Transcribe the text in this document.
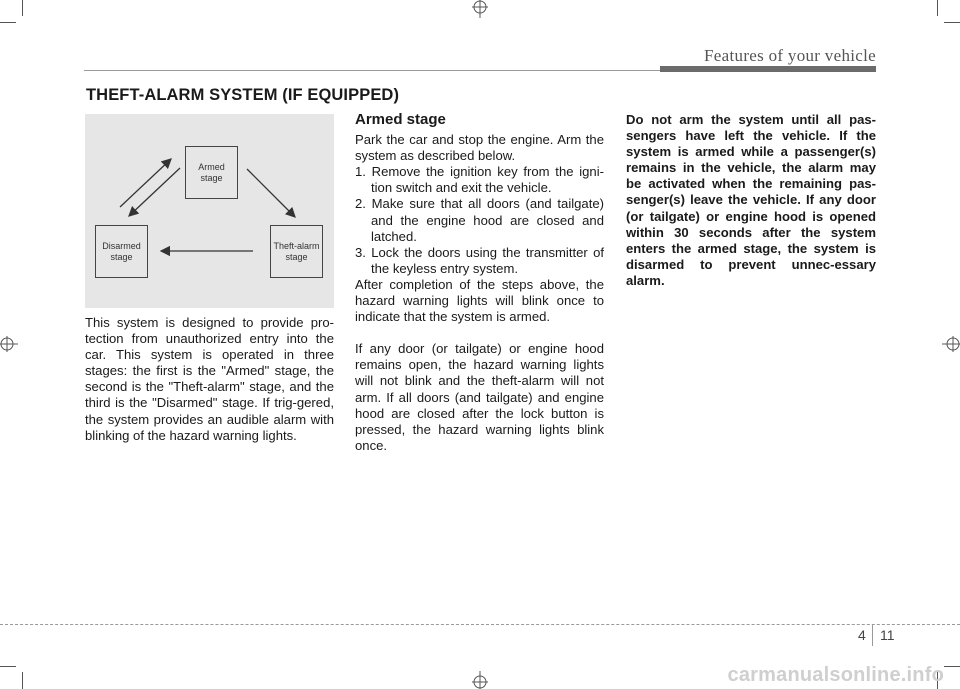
Features of your vehicle
THEFT-ALARM SYSTEM (IF EQUIPPED)
Armed
stage
Theft-alarm
stage
Disarmed
stage

This system is designed to provide pro-tection from unauthorized entry into the car. This system is operated in three stages: the first is the "Armed" stage, the second is the "Theft-alarm" stage, and the third is the "Disarmed" stage. If trig-gered, the system provides an audible alarm with blinking of the hazard warning lights.

Armed stage

Park the car and stop the engine. Arm the system as described below.

1. Remove the ignition key from the igni-tion switch and exit the vehicle.
2. Make sure that all doors (and tailgate) and the engine hood are closed and latched.
3. Lock the doors using the transmitter of the keyless entry system.

After completion of the steps above, the hazard warning lights will blink once to indicate that the system is armed.

If any door (or tailgate) or engine hood remains open, the hazard warning lights will not blink and the theft-alarm will not arm. If all doors (and tailgate) and engine hood are closed after the lock button is pressed, the hazard warning lights blink once.

Do not arm the system until all pas-sengers have left the vehicle. If the system is armed while a passenger(s) remains in the vehicle, the alarm may be activated when the remaining pas-senger(s) leave the vehicle. If any door (or tailgate) or engine hood is opened within 30 seconds after the system enters the armed stage, the system is disarmed to prevent unnec-essary alarm.
4 11
carmanualsonline.info
